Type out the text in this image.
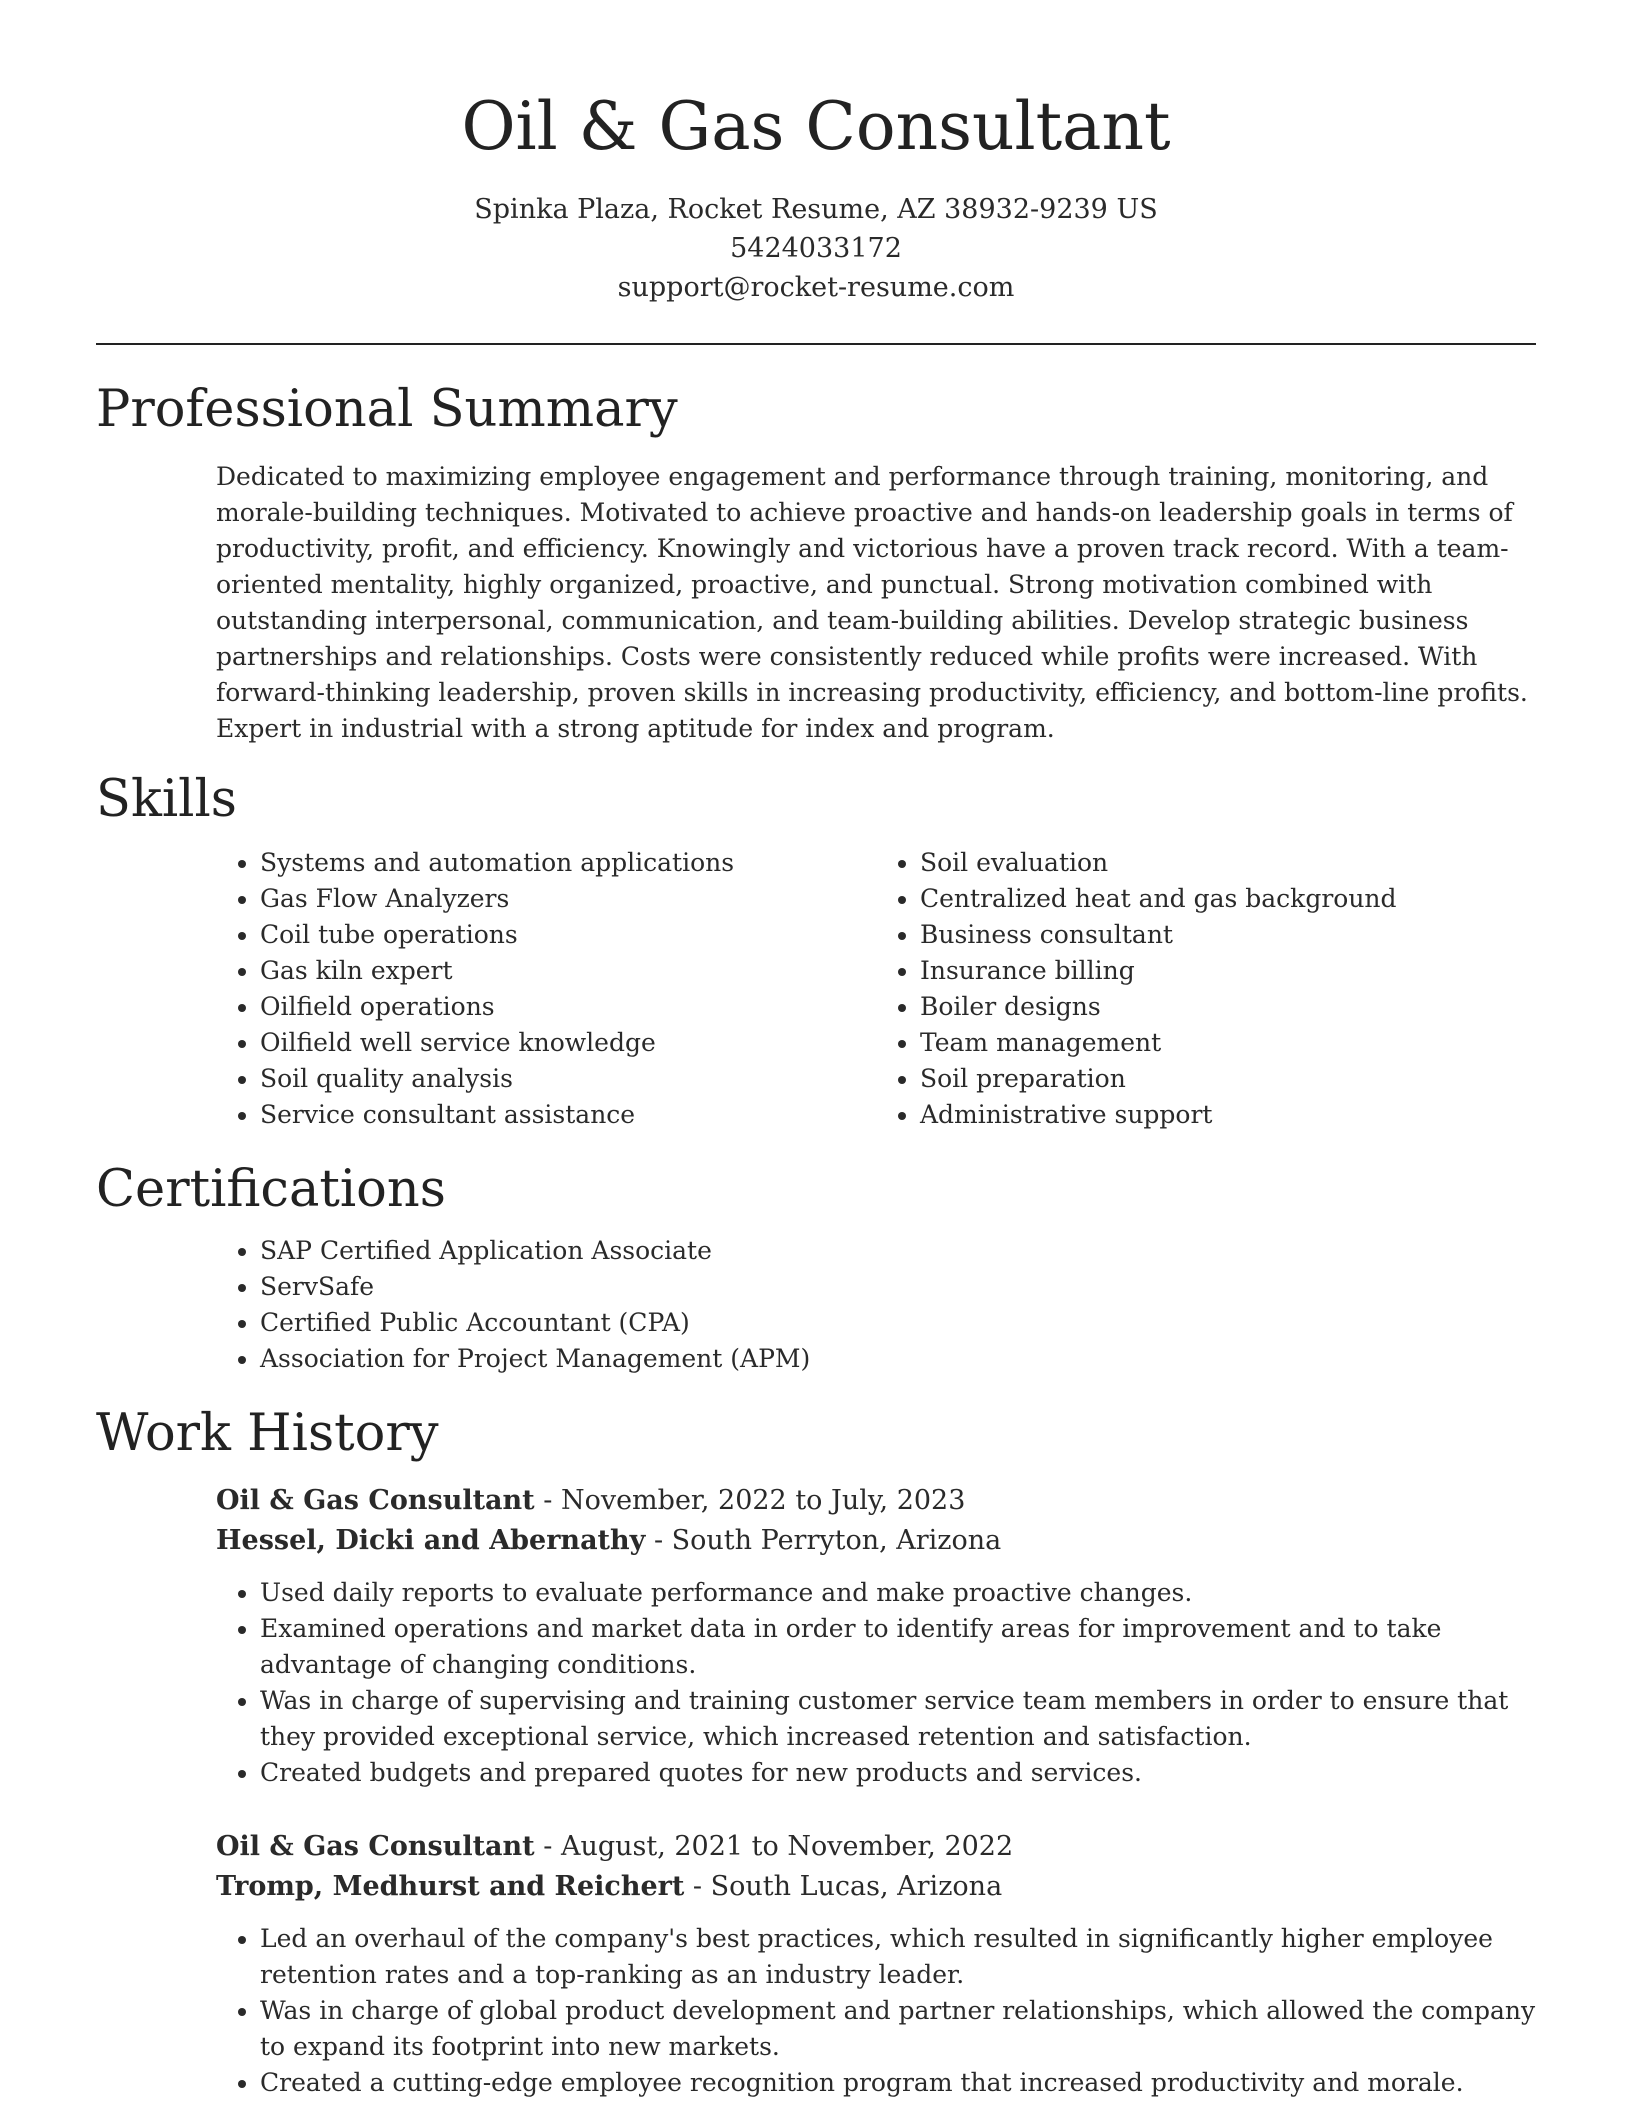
Oil & Gas Consultant
Spinka Plaza, Rocket Resume, AZ 38932-9239 US
5424033172
support@rocket-resume.com
Professional Summary

Dedicated to maximizing employee engagement and performance through training, monitoring, and morale-building techniques. Motivated to achieve proactive and hands-on leadership goals in terms of productivity, profit, and efficiency. Knowingly and victorious have a proven track record. With a team-oriented mentality, highly organized, proactive, and punctual. Strong motivation combined with outstanding interpersonal, communication, and team-building abilities. Develop strategic business partnerships and relationships. Costs were consistently reduced while profits were increased. With forward-thinking leadership, proven skills in increasing productivity, efficiency, and bottom-line profits. Expert in industrial with a strong aptitude for index and program.

Skills
• Systems and automation applications
• Gas Flow Analyzers
• Coil tube operations
• Gas kiln expert
• Oilfield operations
• Oilfield well service knowledge
• Soil quality analysis
• Service consultant assistance
• Soil evaluation
• Centralized heat and gas background
• Business consultant
• Insurance billing
• Boiler designs
• Team management
• Soil preparation
• Administrative support
Certifications
• SAP Certified Application Associate
• ServSafe
• Certified Public Accountant (CPA)
• Association for Project Management (APM)
Work History
Oil & Gas Consultant - November, 2022 to July, 2023
Hessel, Dicki and Abernathy - South Perryton, Arizona
• Used daily reports to evaluate performance and make proactive changes.
• Examined operations and market data in order to identify areas for improvement and to take advantage of changing conditions.
• Was in charge of supervising and training customer service team members in order to ensure that they provided exceptional service, which increased retention and satisfaction.
• Created budgets and prepared quotes for new products and services.
Oil & Gas Consultant - August, 2021 to November, 2022
Tromp, Medhurst and Reichert - South Lucas, Arizona
• Led an overhaul of the company's best practices, which resulted in significantly higher employee retention rates and a top-ranking as an industry leader.
• Was in charge of global product development and partner relationships, which allowed the company to expand its footprint into new markets.
• Created a cutting-edge employee recognition program that increased productivity and morale.
